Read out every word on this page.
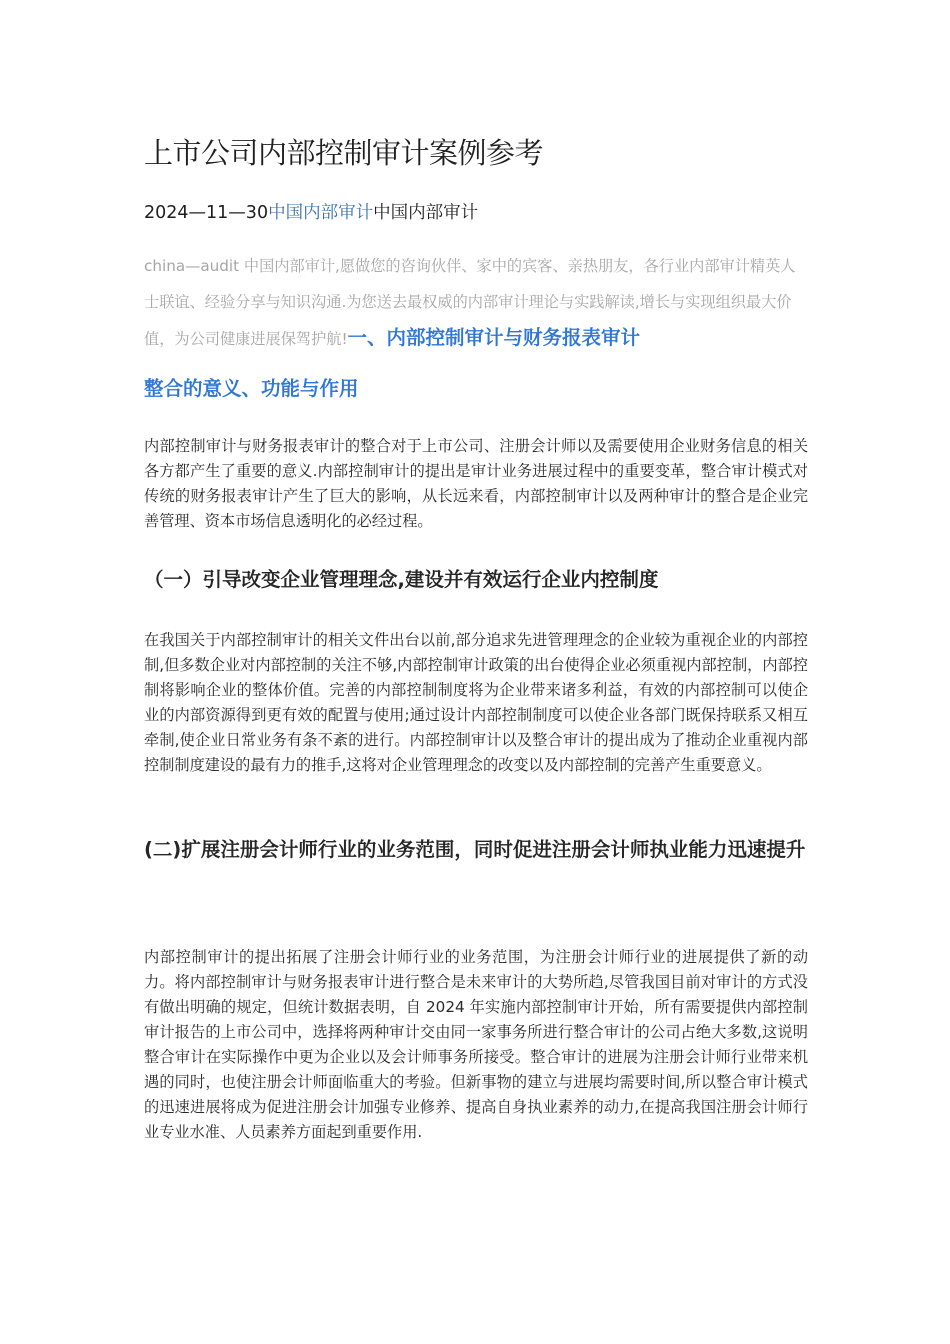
上市公司内部控制审计案例参考
2024—11—30中国内部审计中国内部审计
china—audit 中国内部审计,愿做您的咨询伙伴、家中的宾客、亲热朋友，各行业内部审计精英人士联谊、经验分享与知识沟通.为您送去最权威的内部审计理论与实践解读,增长与实现组织最大价值，为公司健康进展保驾护航!一、内部控制审计与财务报表审计
整合的意义、功能与作用

内部控制审计与财务报表审计的整合对于上市公司、注册会计师以及需要使用企业财务信息的相关各方都产生了重要的意义.内部控制审计的提出是审计业务进展过程中的重要变革，整合审计模式对传统的财务报表审计产生了巨大的影响，从长远来看，内部控制审计以及两种审计的整合是企业完善管理、资本市场信息透明化的必经过程。

（一）引导改变企业管理理念,建设并有效运行企业内控制度

在我国关于内部控制审计的相关文件出台以前,部分追求先进管理理念的企业较为重视企业的内部控制,但多数企业对内部控制的关注不够,内部控制审计政策的出台使得企业必须重视内部控制，内部控制将影响企业的整体价值。完善的内部控制制度将为企业带来诸多利益，有效的内部控制可以使企业的内部资源得到更有效的配置与使用;通过设计内部控制制度可以使企业各部门既保持联系又相互牵制,使企业日常业务有条不紊的进行。内部控制审计以及整合审计的提出成为了推动企业重视内部控制制度建设的最有力的推手,这将对企业管理理念的改变以及内部控制的完善产生重要意义。

(二)扩展注册会计师行业的业务范围，同时促进注册会计师执业能力迅速提升

内部控制审计的提出拓展了注册会计师行业的业务范围，为注册会计师行业的进展提供了新的动力。将内部控制审计与财务报表审计进行整合是未来审计的大势所趋,尽管我国目前对审计的方式没有做出明确的规定，但统计数据表明，自 2024 年实施内部控制审计开始，所有需要提供内部控制审计报告的上市公司中，选择将两种审计交由同一家事务所进行整合审计的公司占绝大多数,这说明整合审计在实际操作中更为企业以及会计师事务所接受。整合审计的进展为注册会计师行业带来机遇的同时，也使注册会计师面临重大的考验。但新事物的建立与进展均需要时间,所以整合审计模式的迅速进展将成为促进注册会计加强专业修养、提高自身执业素养的动力,在提高我国注册会计师行业专业水准、人员素养方面起到重要作用.
